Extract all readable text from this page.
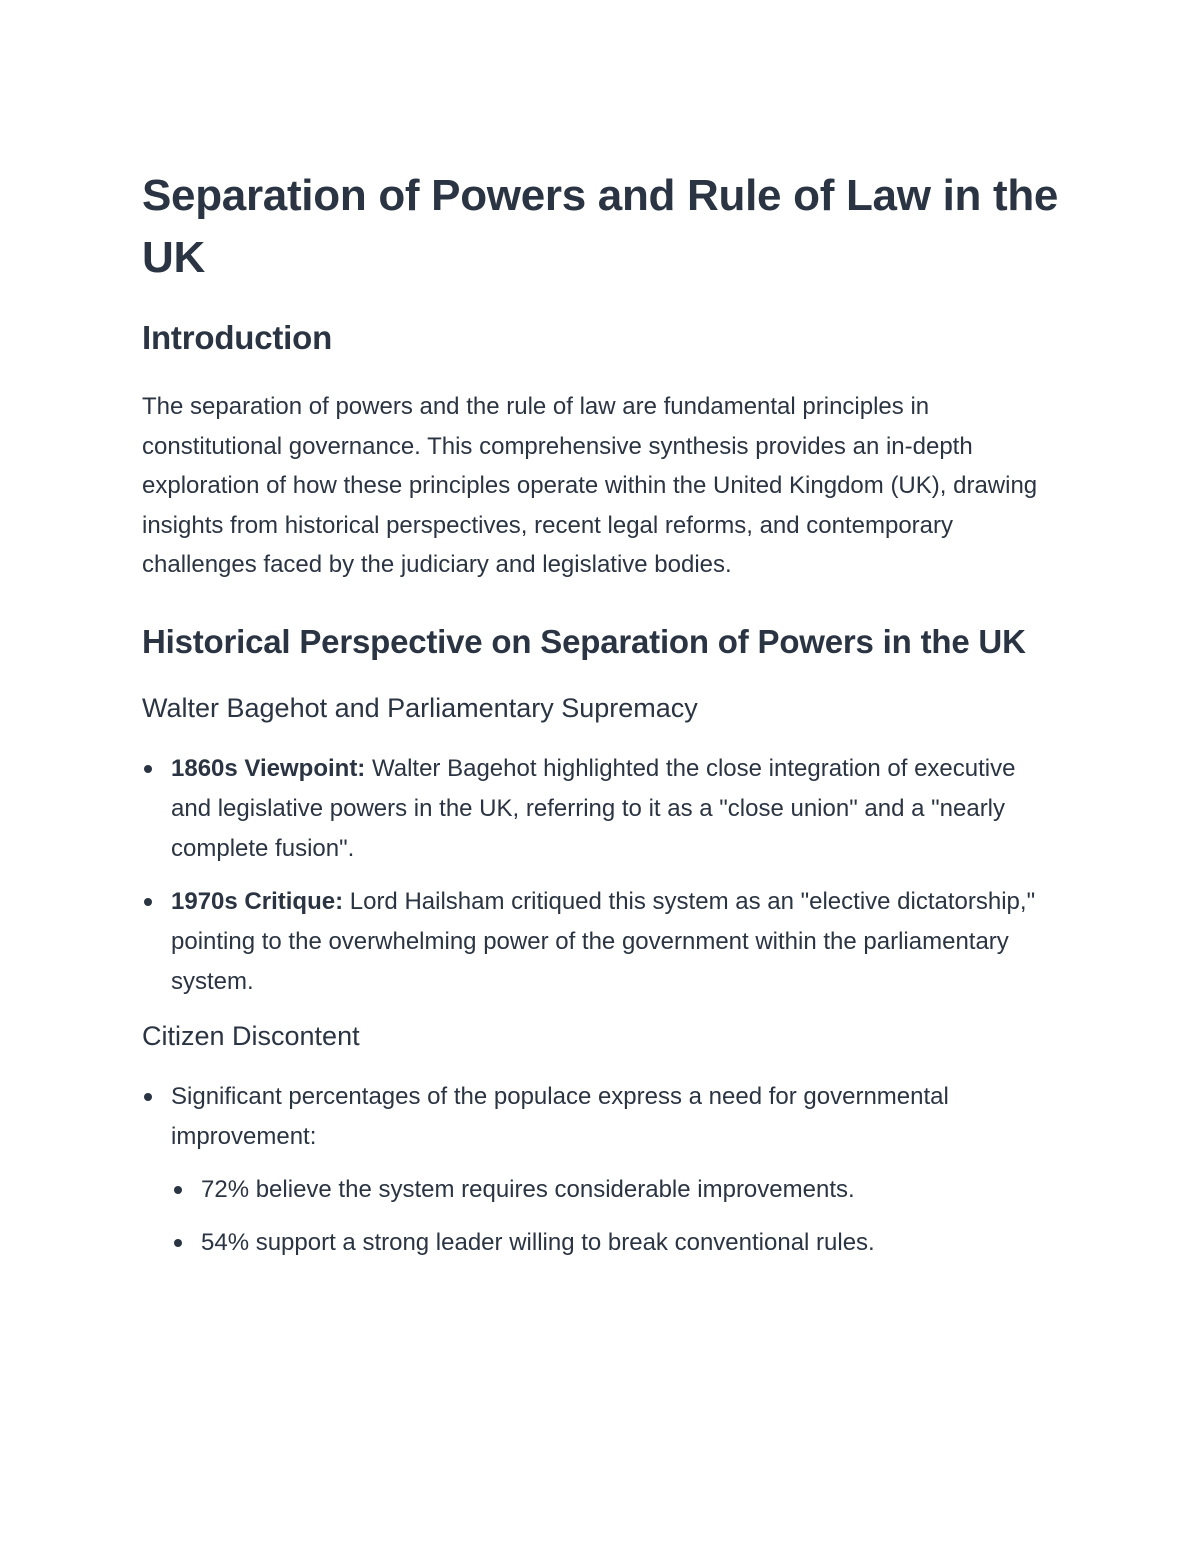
Separation of Powers and Rule of Law in the UK
Introduction

The separation of powers and the rule of law are fundamental principles in constitutional governance. This comprehensive synthesis provides an in-depth exploration of how these principles operate within the United Kingdom (UK), drawing insights from historical perspectives, recent legal reforms, and contemporary challenges faced by the judiciary and legislative bodies.

Historical Perspective on Separation of Powers in the UK
Walter Bagehot and Parliamentary Supremacy
1860s Viewpoint: Walter Bagehot highlighted the close integration of executive and legislative powers in the UK, referring to it as a "close union" and a "nearly complete fusion".
1970s Critique: Lord Hailsham critiqued this system as an "elective dictatorship," pointing to the overwhelming power of the government within the parliamentary system.
Citizen Discontent
Significant percentages of the populace express a need for governmental improvement:
72% believe the system requires considerable improvements.
54% support a strong leader willing to break conventional rules.
